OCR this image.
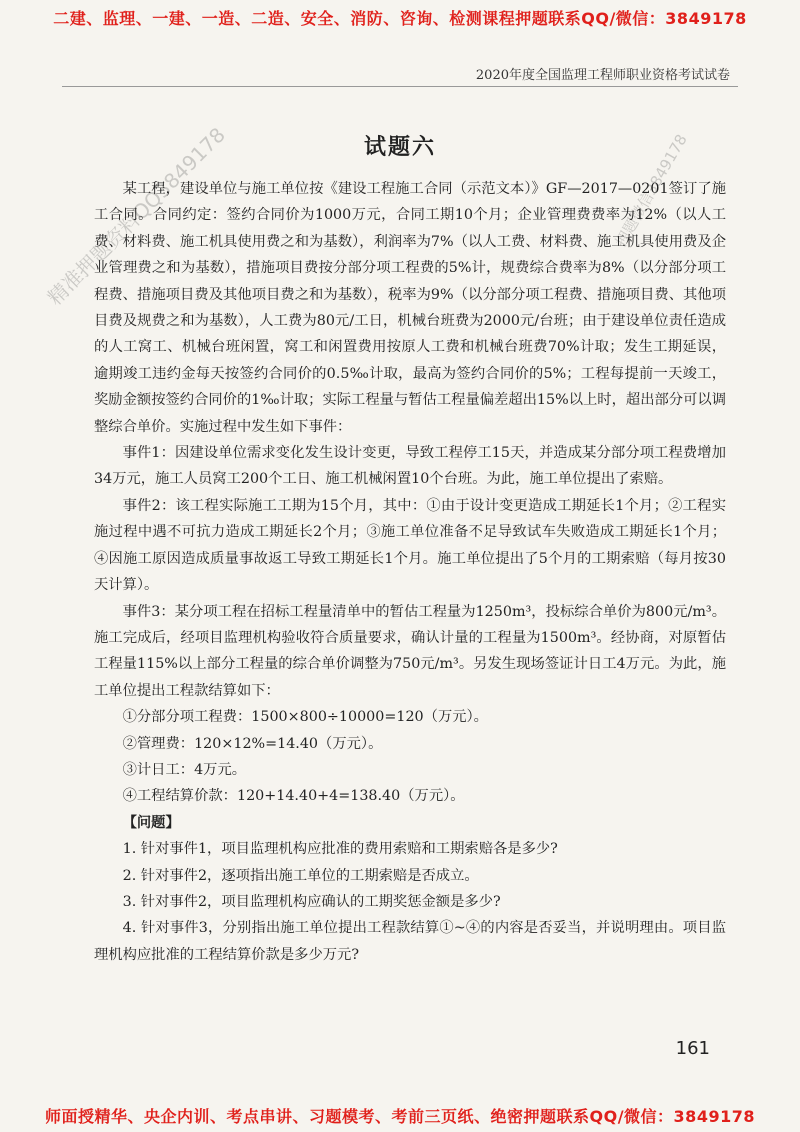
二建、监理、一建、一造、二造、安全、消防、咨询、检测课程押题联系QQ/微信：3849178
2020年度全国监理工程师职业资格考试试卷
试题六
精准押题资料QQ3849178	押题微信3849178

某工程，建设单位与施工单位按《建设工程施工合同（示范文本）》GF—2017—0201签订了施工合同。合同约定：签约合同价为1000万元，合同工期10个月；企业管理费费率为12%（以人工费、材料费、施工机具使用费之和为基数），利润率为7%（以人工费、材料费、施工机具使用费及企业管理费之和为基数），措施项目费按分部分项工程费的5%计，规费综合费率为8%（以分部分项工程费、措施项目费及其他项目费之和为基数），税率为9%（以分部分项工程费、措施项目费、其他项目费及规费之和为基数），人工费为80元/工日，机械台班费为2000元/台班；由于建设单位责任造成的人工窝工、机械台班闲置，窝工和闲置费用按原人工费和机械台班费70%计取；发生工期延误，逾期竣工违约金每天按签约合同价的0.5‰计取，最高为签约合同价的5%；工程每提前一天竣工，奖励金额按签约合同价的1‰计取；实际工程量与暂估工程量偏差超出15%以上时，超出部分可以调整综合单价。实施过程中发生如下事件：

事件1：因建设单位需求变化发生设计变更，导致工程停工15天，并造成某分部分项工程费增加34万元，施工人员窝工200个工日、施工机械闲置10个台班。为此，施工单位提出了索赔。

事件2：该工程实际施工工期为15个月，其中：①由于设计变更造成工期延长1个月；②工程实施过程中遇不可抗力造成工期延长2个月；③施工单位准备不足导致试车失败造成工期延长1个月；④因施工原因造成质量事故返工导致工期延长1个月。施工单位提出了5个月的工期索赔（每月按30天计算）。

事件3：某分项工程在招标工程量清单中的暂估工程量为1250m³，投标综合单价为800元/m³。施工完成后，经项目监理机构验收符合质量要求，确认计量的工程量为1500m³。经协商，对原暂估工程量115%以上部分工程量的综合单价调整为750元/m³。另发生现场签证计日工4万元。为此，施工单位提出工程款结算如下：

①分部分项工程费：1500×800÷10000=120（万元）。

②管理费：120×12%=14.40（万元）。

③计日工：4万元。

④工程结算价款：120+14.40+4=138.40（万元）。

【问题】

1. 针对事件1，项目监理机构应批准的费用索赔和工期索赔各是多少?

2. 针对事件2，逐项指出施工单位的工期索赔是否成立。

3. 针对事件2，项目监理机构应确认的工期奖惩金额是多少?

4. 针对事件3，分别指出施工单位提出工程款结算①~④的内容是否妥当，并说明理由。项目监理机构应批准的工程结算价款是多少万元?

161
师面授精华、央企内训、考点串讲、习题模考、考前三页纸、绝密押题联系QQ/微信：3849178
